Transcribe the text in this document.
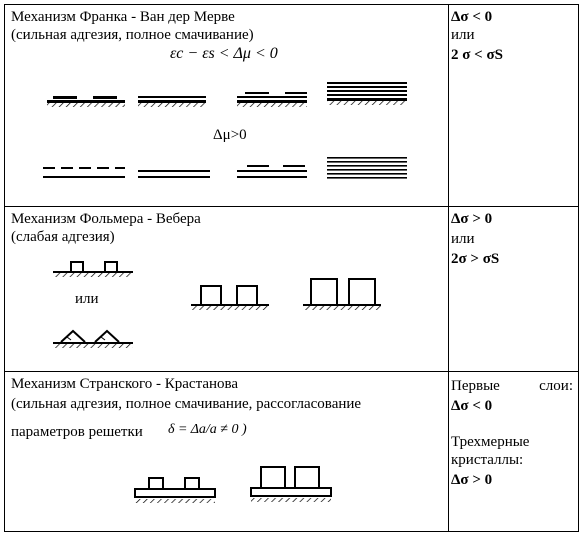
Механизм Франка - Ван дер Мерве
(сильная адгезия, полное смачивание)
εc − εs < Δμ < 0
Δμ>0
Δσ < 0
или
2 σ < σS
Механизм Фольмера - Вебера
(слабая адгезия)
или
Δσ > 0
или
2σ > σS
Механизм Странского - Крастанова
(сильная адгезия, полное смачивание, рассогласование
параметров решетки δ = Δa/a ≠ 0 )
Первые слои:
Δσ < 0
Трехмерные
кристаллы:
Δσ > 0
